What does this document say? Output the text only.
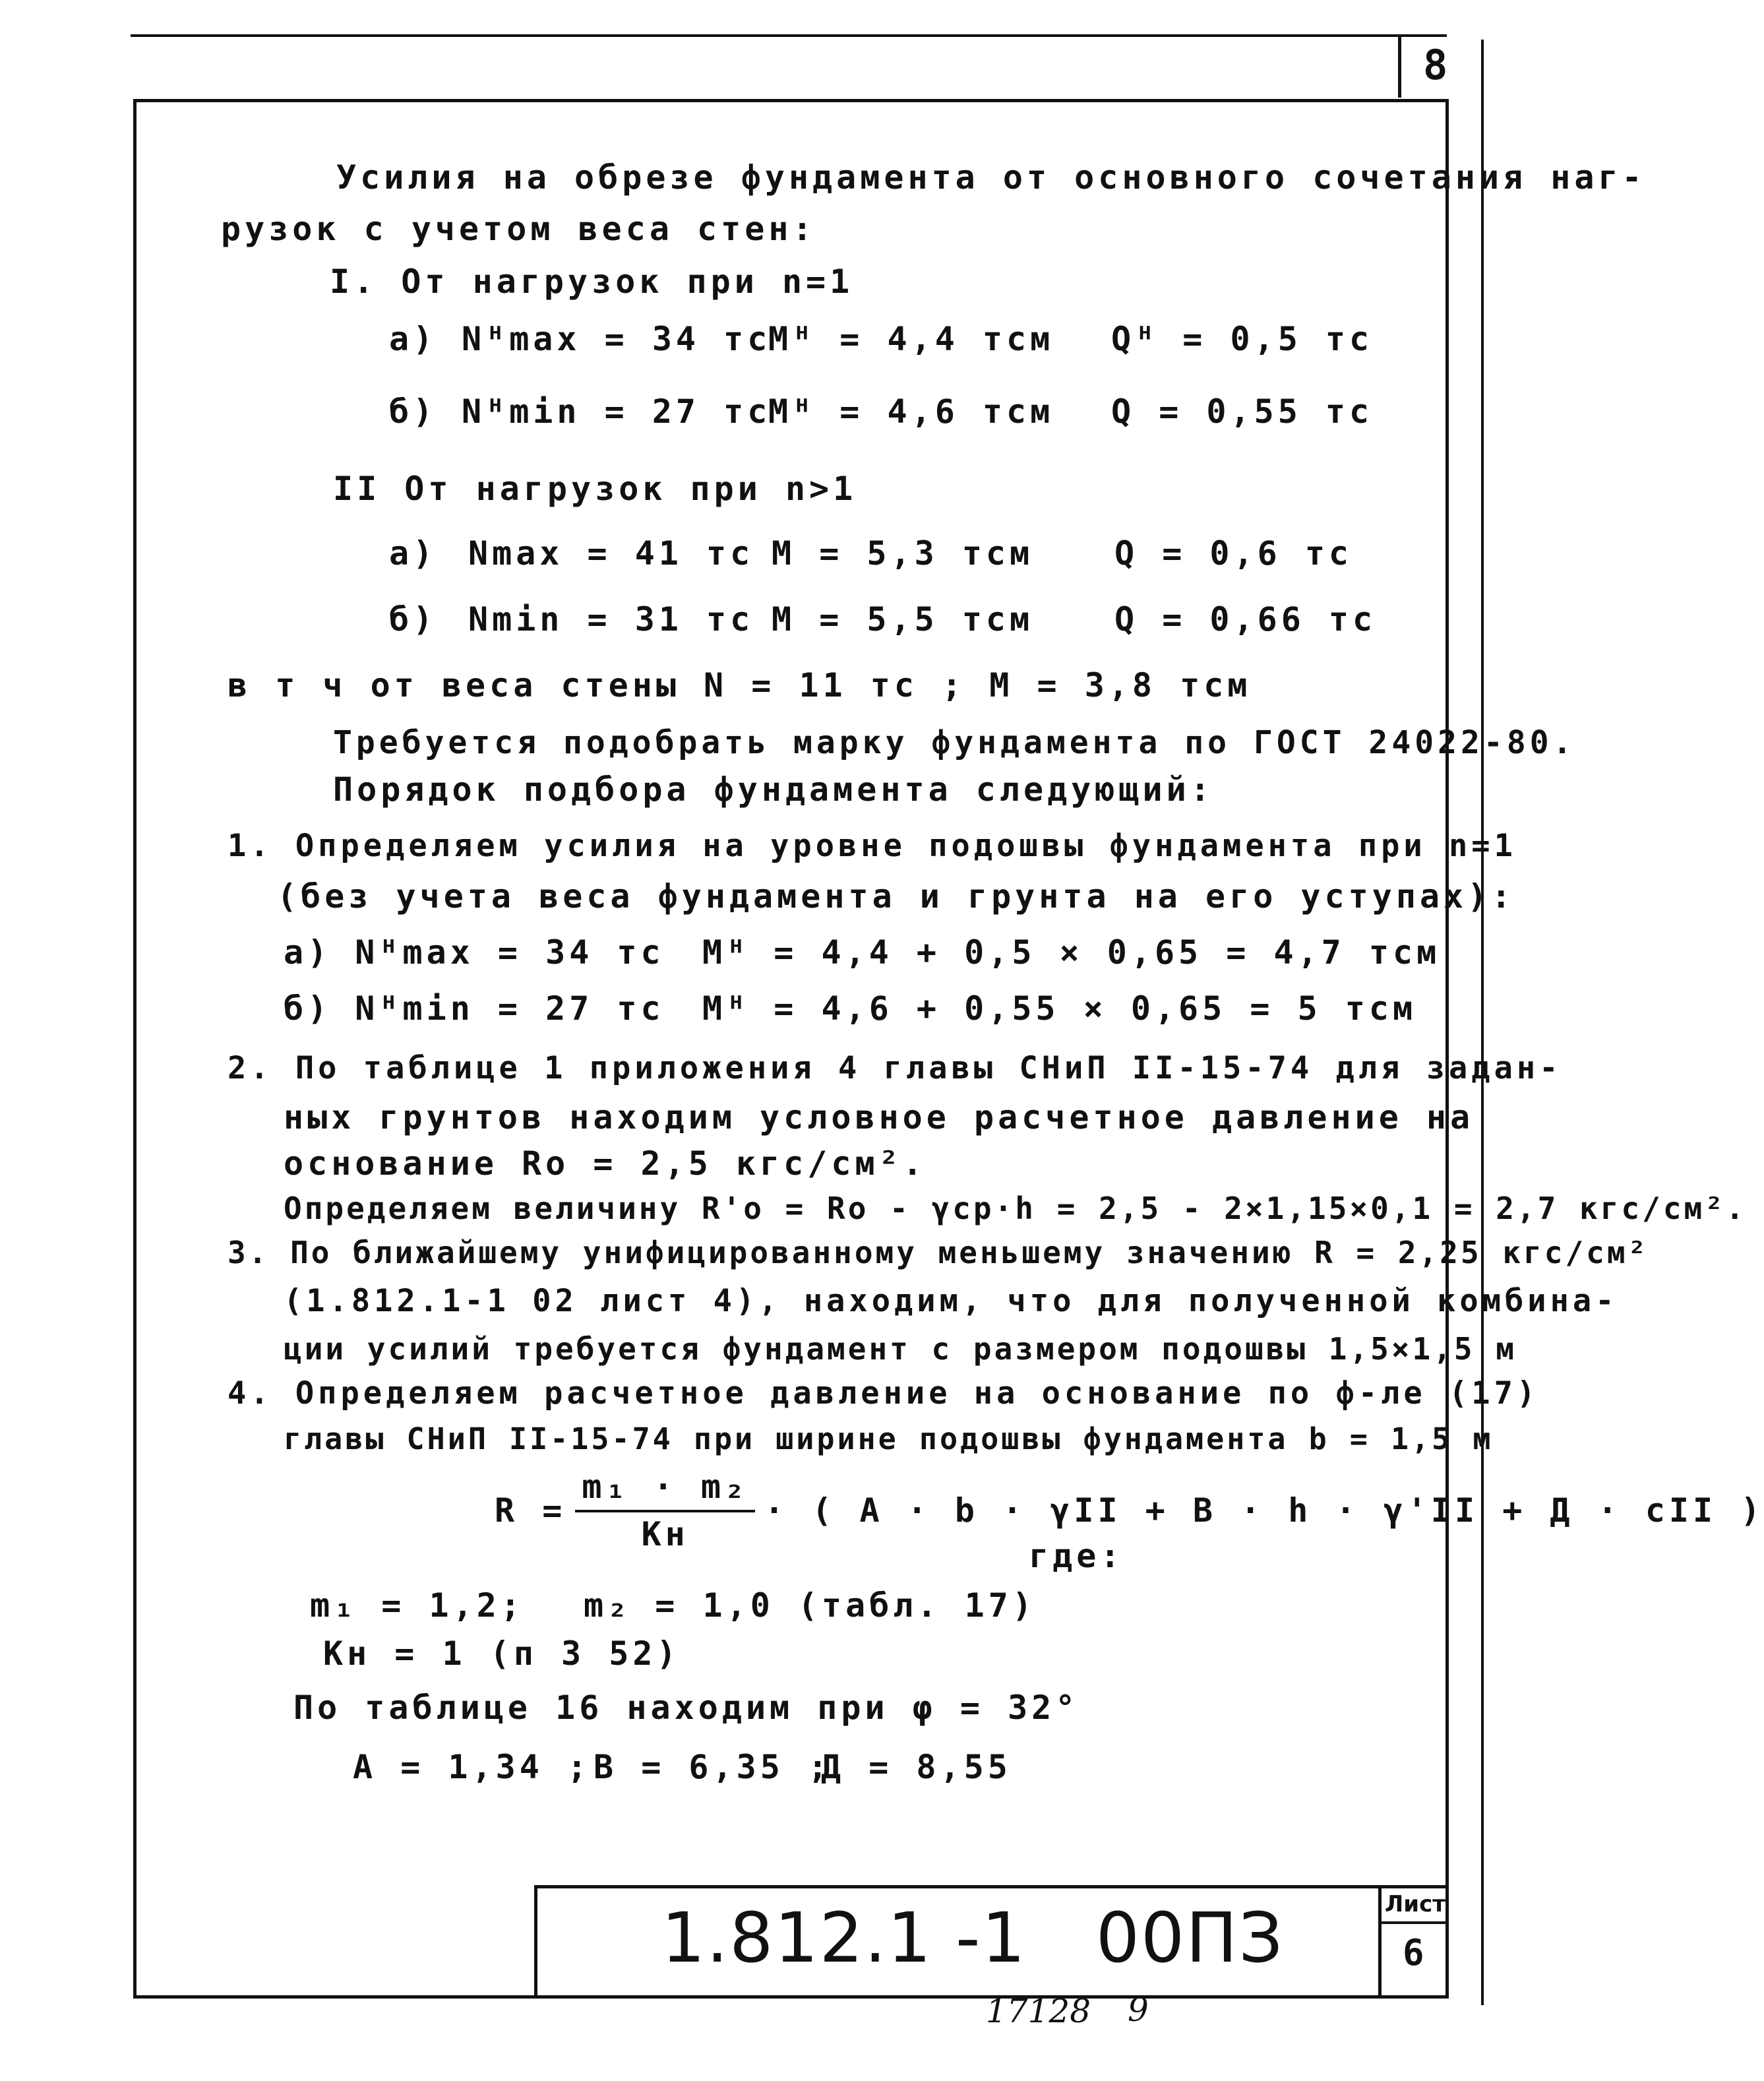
8
Усилия на обрезе фундамента от основного сочетания наг-
рузок с учетом веса стен:
I. От нагрузок при n=1
а) Nᴴmax = 34 тс
Mᴴ = 4,4 тсм Qᴴ = 0,5 тс
б) Nᴴmin = 27 тс
Mᴴ = 4,6 тсм Q = 0,55 тс
II От нагрузок при n>1
а) Nmax = 41 тс M = 5,3 тсм Q = 0,6 тс
б) Nmin = 31 тс M = 5,5 тсм Q = 0,66 тс
в т ч от веса стены N = 11 тс ; M = 3,8 тсм
Требуется подобрать марку фундамента по ГОСТ 24022-80.
Порядок подбора фундамента следующий:
1. Определяем усилия на уровне подошвы фундамента при n=1
(без учета веса фундамента и грунта на его уступах):
а) Nᴴmax = 34 тс Mᴴ = 4,4 + 0,5 × 0,65 = 4,7 тсм
б) Nᴴmin = 27 тс Mᴴ = 4,6 + 0,55 × 0,65 = 5 тсм
2. По таблице 1 приложения 4 главы СНиП II-15-74 для задан-
ных грунтов находим условное расчетное давление на
основание Ro = 2,5 кгс/см².
Определяем величину R'o = Ro - γср·h = 2,5 - 2×1,15×0,1 = 2,7 кгс/см².
3. По ближайшему унифицированному меньшему значению R = 2,25 кгс/см²
(1.812.1-1 02 лист 4), находим, что для полученной комбина-
ции усилий требуется фундамент с размером подошвы 1,5×1,5 м
4. Определяем расчетное давление на основание по ф-ле (17)
главы СНиП II-15-74 при ширине подошвы фундамента b = 1,5 м
$R = \frac{\text{m₁ · m₂}}{Kн}$ · ( A · b · γII + B · h · γ'II + Д · cII )
где:
m₁ = 1,2; m₂ = 1,0 (табл. 17)
Kн = 1 (п 3 52)
По таблице 16 находим при φ = 32°
A = 1,34 ; B = 6,35 ;
Д = 8,55
Лист
6
1.812.1 -1   00ПЗ
17128 9
